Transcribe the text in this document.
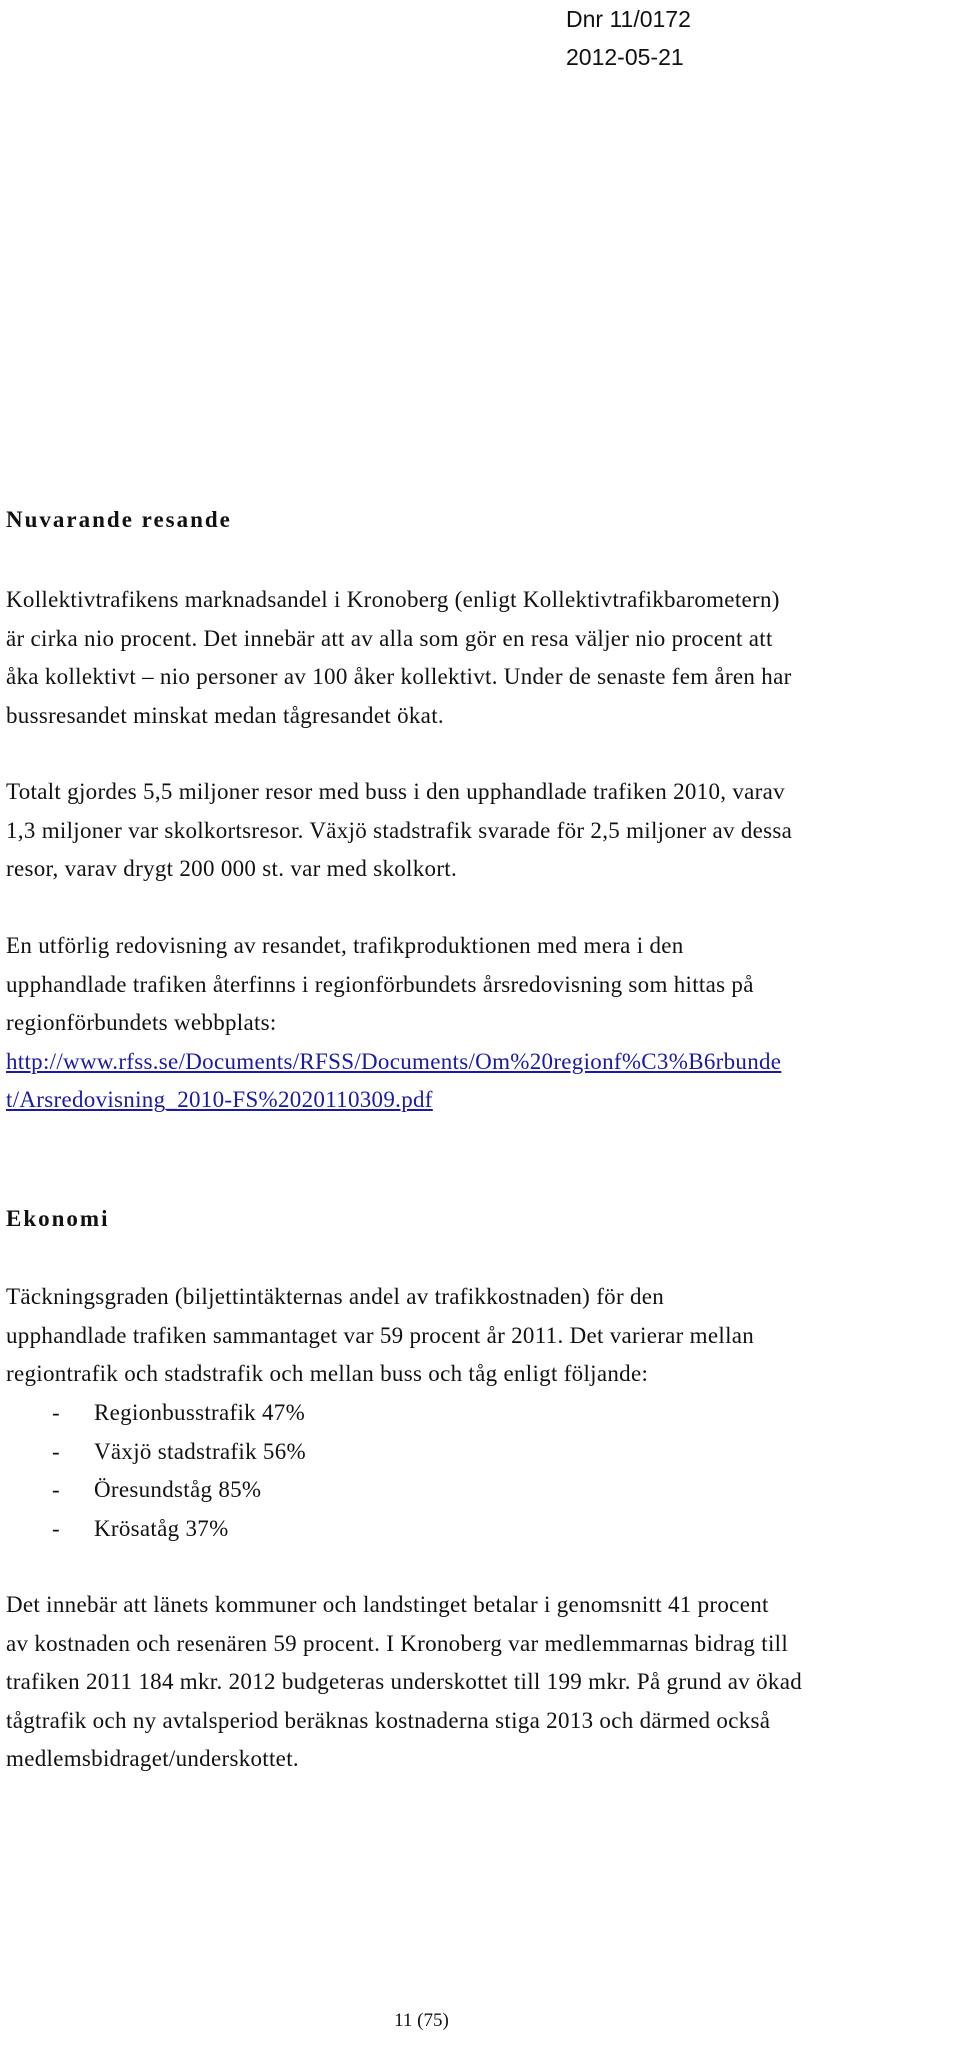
Dnr 11/0172
2012-05-21
Nuvarande resande
Kollektivtrafikens marknadsandel i Kronoberg (enligt Kollektivtrafikbarometern)
är cirka nio procent. Det innebär att av alla som gör en resa väljer nio procent att
åka kollektivt – nio personer av 100 åker kollektivt. Under de senaste fem åren har
bussresandet minskat medan tågresandet ökat.
Totalt gjordes 5,5 miljoner resor med buss i den upphandlade trafiken 2010, varav
1,3 miljoner var skolkortsresor. Växjö stadstrafik svarade för 2,5 miljoner av dessa
resor, varav drygt 200 000 st. var med skolkort.
En utförlig redovisning av resandet, trafikproduktionen med mera i den
upphandlade trafiken återfinns i regionförbundets årsredovisning som hittas på
regionförbundets webbplats:
http://www.rfss.se/Documents/RFSS/Documents/Om%20regionf%C3%B6rbunde
t/Arsredovisning_2010-FS%2020110309.pdf
Ekonomi
Täckningsgraden (biljettintäkternas andel av trafikkostnaden) för den
upphandlade trafiken sammantaget var 59 procent år 2011. Det varierar mellan
regiontrafik och stadstrafik och mellan buss och tåg enligt följande:
- Regionbusstrafik 47%
- Växjö stadstrafik 56%
- Öresundståg 85%
- Krösatåg 37%
Det innebär att länets kommuner och landstinget betalar i genomsnitt 41 procent
av kostnaden och resenären 59 procent. I Kronoberg var medlemmarnas bidrag till
trafiken 2011 184 mkr. 2012 budgeteras underskottet till 199 mkr. På grund av ökad
tågtrafik och ny avtalsperiod beräknas kostnaderna stiga 2013 och därmed också
medlemsbidraget/underskottet.
11 (75)
